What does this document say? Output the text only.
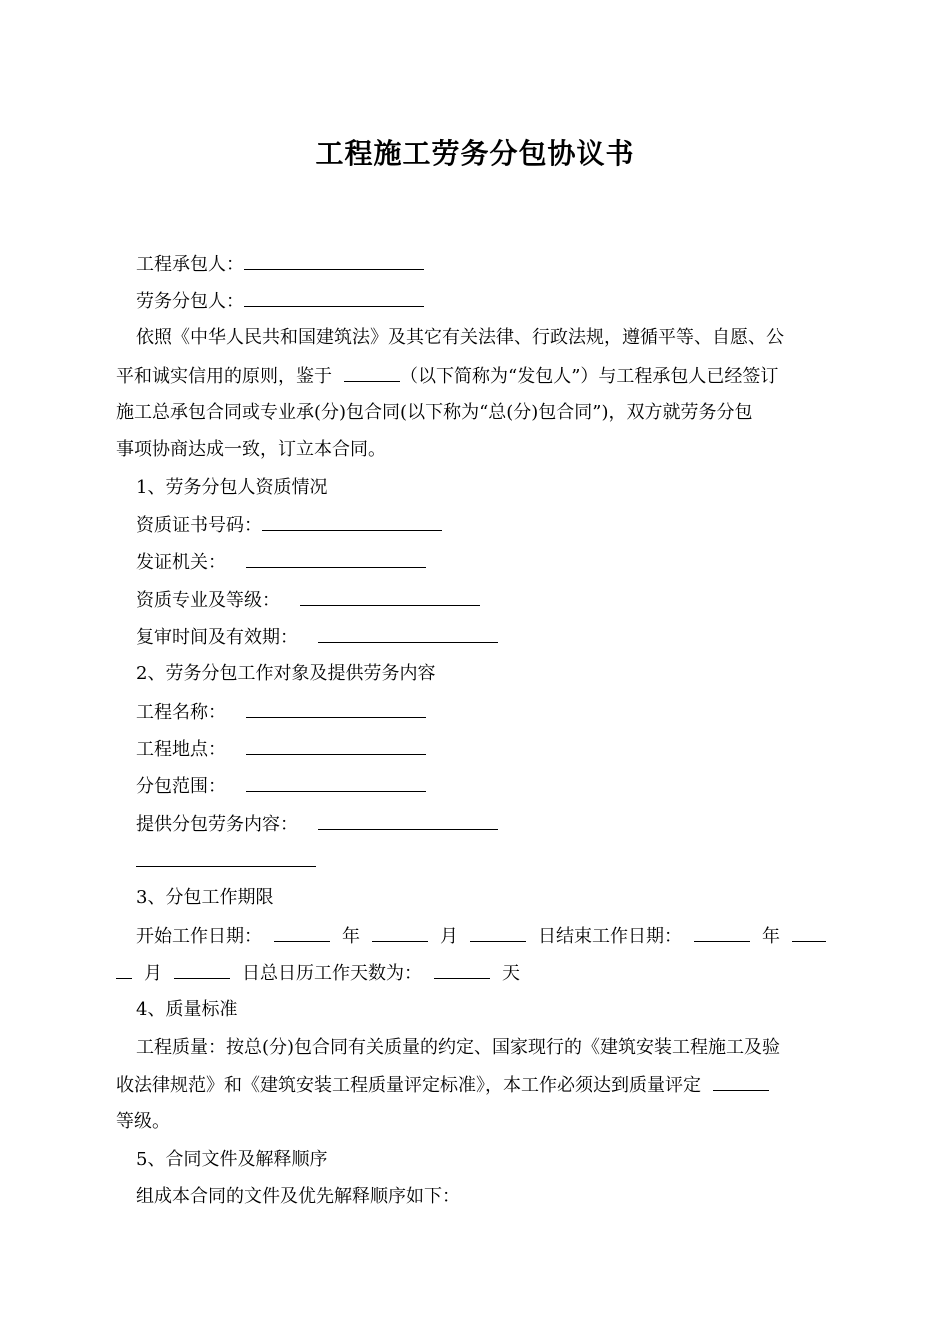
工程施工劳务分包协议书
工程承包人：
劳务分包人：
依照《中华人民共和国建筑法》及其它有关法律、行政法规，遵循平等、自愿、公
平和诚实信用的原则，鉴于	（以下简称为“发包人”）与工程承包人已经签订
施工总承包合同或专业承(分)包合同(以下称为“总(分)包合同”)，双方就劳务分包
事项协商达成一致，订立本合同。
1、劳务分包人资质情况
资质证书号码：
发证机关：
资质专业及等级：
复审时间及有效期：
2、劳务分包工作对象及提供劳务内容
工程名称：
工程地点：
分包范围：
提供分包劳务内容：
3、分包工作期限
开始工作日期：	年	月	日结束工作日期：	年
月	日总日历工作天数为：	天
4、质量标准
工程质量：按总(分)包合同有关质量的约定、国家现行的《建筑安装工程施工及验
收法律规范》和《建筑安装工程质量评定标准》，本工作必须达到质量评定
等级。
5、合同文件及解释顺序
组成本合同的文件及优先解释顺序如下：
